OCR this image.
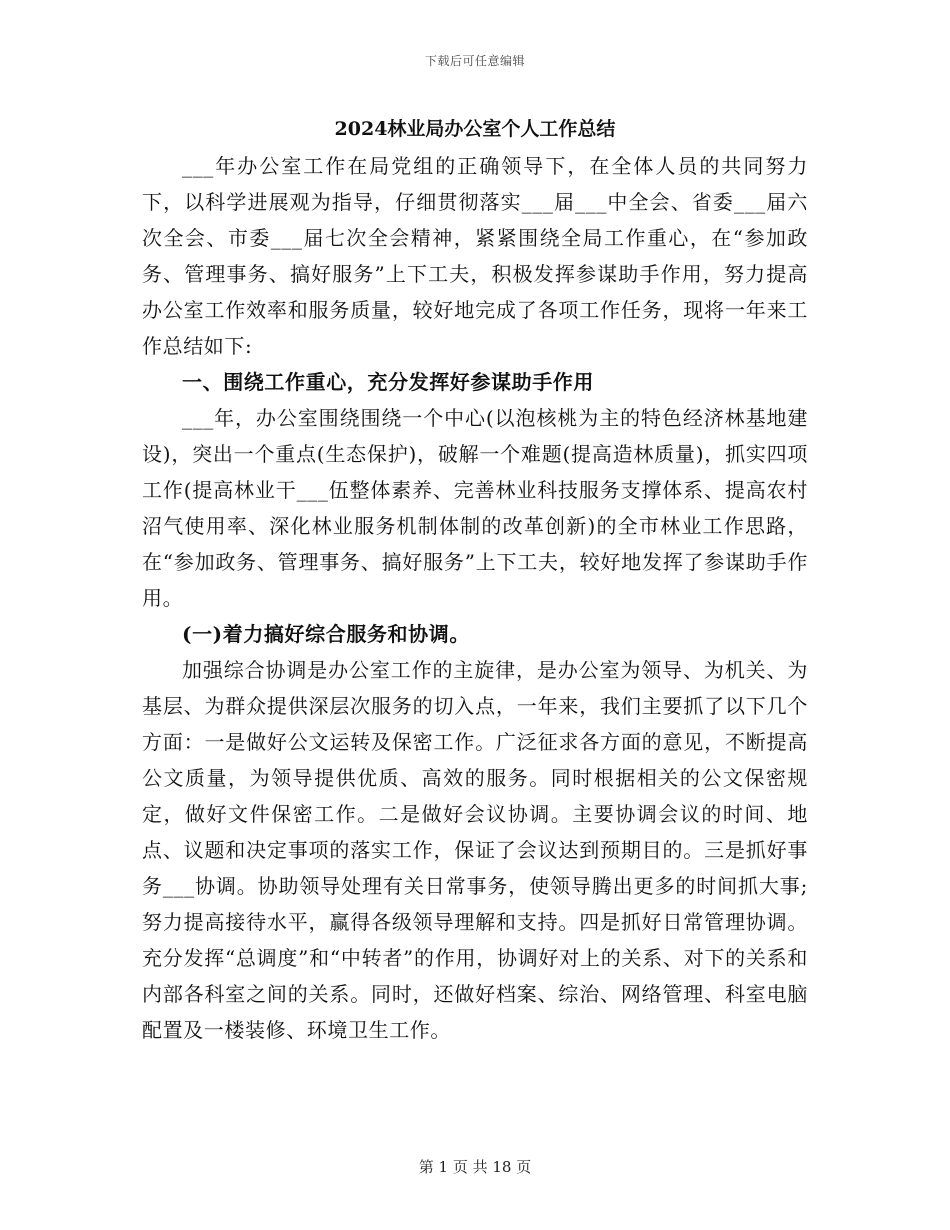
下载后可任意编辑
2024林业局办公室个人工作总结

___年办公室工作在局党组的正确领导下，在全体人员的共同努力下，以科学进展观为指导，仔细贯彻落实___届___中全会、省委___届六次全会、市委___届七次全会精神，紧紧围绕全局工作重心，在“参加政务、管理事务、搞好服务”上下工夫，积极发挥参谋助手作用，努力提高办公室工作效率和服务质量，较好地完成了各项工作任务，现将一年来工作总结如下:

一、围绕工作重心，充分发挥好参谋助手作用

___年，办公室围绕围绕一个中心(以泡核桃为主的特色经济林基地建设)，突出一个重点(生态保护)，破解一个难题(提高造林质量)，抓实四项工作(提高林业干___伍整体素养、完善林业科技服务支撑体系、提高农村沼气使用率、深化林业服务机制体制的改革创新)的全市林业工作思路，在“参加政务、管理事务、搞好服务”上下工夫，较好地发挥了参谋助手作用。

(一)着力搞好综合服务和协调。

加强综合协调是办公室工作的主旋律，是办公室为领导、为机关、为基层、为群众提供深层次服务的切入点，一年来，我们主要抓了以下几个方面：一是做好公文运转及保密工作。广泛征求各方面的意见，不断提高公文质量，为领导提供优质、高效的服务。同时根据相关的公文保密规定，做好文件保密工作。二是做好会议协调。主要协调会议的时间、地点、议题和决定事项的落实工作，保证了会议达到预期目的。三是抓好事务___协调。协助领导处理有关日常事务，使领导腾出更多的时间抓大事;努力提高接待水平，赢得各级领导理解和支持。四是抓好日常管理协调。充分发挥“总调度”和“中转者”的作用，协调好对上的关系、对下的关系和内部各科室之间的关系。同时，还做好档案、综治、网络管理、科室电脑配置及一楼装修、环境卫生工作。

第 1 页 共 18 页
